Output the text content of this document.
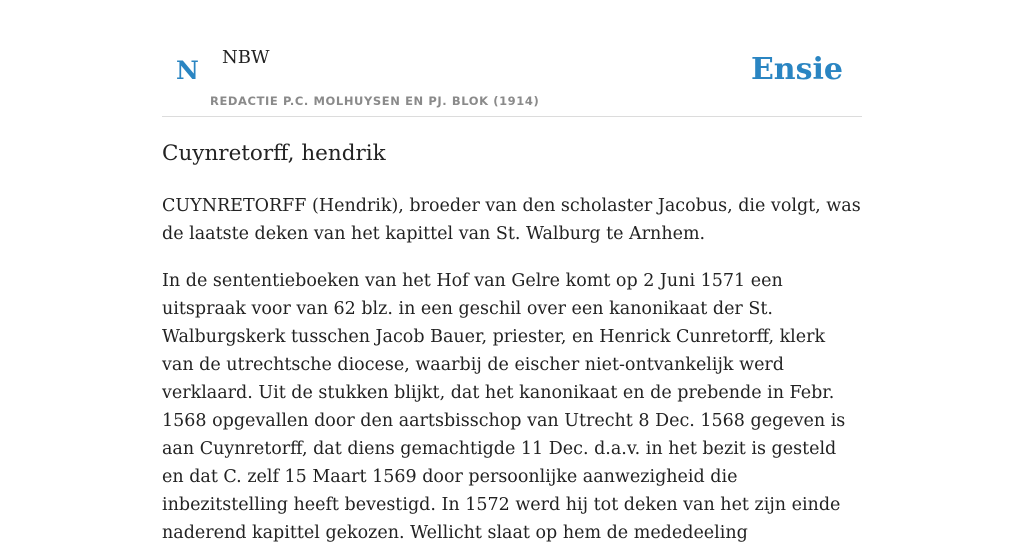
N NBW
REDACTIE P.C. MOLHUYSEN EN PJ. BLOK (1914)
Ensie
Cuynretorff, hendrik

CUYNRETORFF (Hendrik), broeder van den scholaster Jacobus, die volgt, was de laatste deken van het kapittel van St. Walburg te Arnhem.

In de sententieboeken van het Hof van Gelre komt op 2 Juni 1571 een uitspraak voor van 62 blz. in een geschil over een kanonikaat der St. Walburgskerk tusschen Jacob Bauer, priester, en Henrick Cunretorff, klerk van de utrechtsche diocese, waarbij de eischer niet-ontvankelijk werd verklaard. Uit de stukken blijkt, dat het kanonikaat en de prebende in Febr. 1568 opgevallen door den aartsbisschop van Utrecht 8 Dec. 1568 gegeven is aan Cuynretorff, dat diens gemachtigde 11 Dec. d.a.v. in het bezit is gesteld en dat C. zelf 15 Maart 1569 door persoonlijke aanwezigheid die inbezitstelling heeft bevestigd. In 1572 werd hij tot deken van het zijn einde naderend kapittel gekozen. Wellicht slaat op hem de mededeeling
